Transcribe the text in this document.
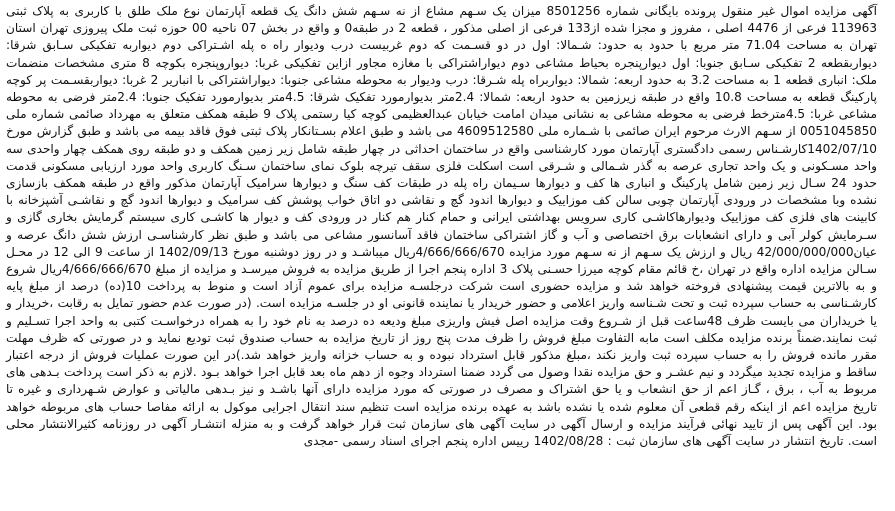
آگهی مزایده اموال غیر منقول پرونده بایگانی شماره 8501256 میزان یک سـهم مشاع از نه سـهم شش دانگ یک قطعه آپارتمان نوع ملک طلق با کاربری به پلاک ثبتی 113963 فرعی از 4476 اصلی ، مفروز و مجزا شده از133 فرعی از اصلی مذکور ، قطعه 2 در طبقه0 و واقع در بخش 07 ناحیه 00 حوزه ثبت ملک پیروزی تهران استان تهران به مساحت 71.04 متر مربع با حدود به حدود: شـمالا: اول در دو قسـمت که دوم غربیست درب ودیوار راه ه پله اشـتراکی دوم دیواربه تفکیکی سـابق شرقا: دیواربقطعه 2 تفکیکی سـابق جنوبا: اول دیوارپنجره بحیاط مشاعی دوم دیواراشتراکی با مغازه مجاور ازاین تفکیکی غربا: دیواروپنجره بکوچه 8 متری مشخصات منضمات ملک: انباری قطعه 1 به مساحت 3.2 به حدود اربعه: شمالا: دیواربراه پله شـرقا: درب ودیوار به محوطه مشاعی جنوبا: دیواراشتراکی با انباریر 2 غربا: دیواربقسـمت پر کوچه پارکینگ قطعه به مساحت 10.8 واقع در طبقه زیرزمین به حدود اربعه: شمالا: 2.4متر بدیوارمورد تفکیک شرقا: 4.5متر بدیوارمورد تفکیک جنوبا: 2.4متر فرضی به محوطه مشاعی غربا: 4.5مترخط فرضی به محوطه مشاعی به نشانی میدان امامت خیابان عبدالعظیمی کوچه کیا رستمی پلاک 9 طبقه همکف متعلق به مهرداد صائمی شماره ملی 0051045850 از سـهم الارث مرحوم ایران صائمی با شـماره ملی 4609512580 می باشد و طبق اعلام بسـتانکار پلاک ثبتی فوق فاقد بیمه می باشد و طبق گزارش مورخ 1402/07/10کارشـناس رسمی دادگستری آپارتمان مورد کارشناسی واقع در ساختمان احداثی در چهار طبقه شامل زیر زمین همکف و دو طبقه روی همکف چهار واحدی سه واحد مسـکونی و یک واحد تجاری عرصه به گذر شـمالی و شـرقی است اسکلت فلزی سقف تیرچه بلوک نمای ساختمان سـنگ کاربری واحد مورد ارزیابی مسکونی قدمت حدود 24 سـال زیر زمین شامل پارکینگ و انباری ها کف و دیوارها سـیمان راه پله در طبقات کف سنگ و دیوارها سرامیک آپارتمان مذکور واقع در طبقه همکف بازسازی نشده وبا مشخصات در ورودی آپارتمان چوبی سالن کف موزاییک و دیوارها اندود گچ و نقاشی دو اتاق خواب پوشش کف سرامیک و دیوارها اندود گچ و نقاشـی آشپزخانه با کابینت های فلزی کف موزاییک ودیوارهاکاشـی کاری سرویس بهداشتی ایرانی و حمام کنار هم کنار در ورودی کف و دیوار ها کاشـی کاری سیستم گرمایش بخاری گازی و سـرمایش کولر آبی و دارای انشعابات برق اختصاصی و آب و گاز اشتراکی ساختمان فاقد آسانسور مشاعی می باشد و طبق نظر کارشناسـی ارزش شش دانگ عرصه و عیان42/000/000/000 ریال و ارزش یک سـهم از نه سـهم مورد مزایده 4/666/666/670ریال میباشـد و در روز دوشنبه مورخ 1402/09/13 از ساعت 9 الی 12 در محـل سـالن مزایده اداره واقع در تهران ،خ قائم مقام کوچه میرزا حسـنی پلاک 3 اداره پنجم اجرا از طریق مزایده به فروش میرسـد و مزایده از مبلغ 4/666/666/670ریال شروع و به بالاترین قیمت پیشنهادی فروخته خواهد شد و مزایده حضوری است شرکت درجلسـه مزایده برای عموم آزاد است و منوط به پرداخت 10(ده) درصد از مبلغ پایه کارشـناسی به حساب سپرده ثبت و تحت شـناسه واریز اعلامی و حضور خریدار یا نماینده قانونی او در جلسـه مزایده است. (در صورت عدم حضور تمایل به رقابت ،خریدار و یا خریداران می بایست ظرف 48ساعت قبل از شـروع وقت مزایده اصل فیش واریزی مبلغ ودیعه ده درصد به نام خود را به همراه درخواسـت کتبی به واحد اجرا تسـلیم و ثبت نمایند.ضمناً برنده مزایده مکلف است مابه التفاوت مبلغ فروش را ظرف مدت پنج روز از تاریخ مزایده به حساب صندوق ثبت تودیع نماید و در صورتی که ظرف مهلت مقرر مانده فروش را به حساب سپرده ثبت واریز نکند ،مبلغ مذکور قابل استرداد نبوده و به حساب خزانه واریز خواهد شد.)در این صورت عملیات فروش از درجه اعتبار ساقط و مزایده تجدید میگردد و نیم عشـر و حق مزایده نقدا وصول می گردد ضمنا استرداد وجوه از دهم ماه بعد قابل اجرا خواهد بـود .لازم به ذکر است پرداخت بـدهی های مربوط به آب ، برق ، گـاز اعم از حق انشعاب و یا حق اشتراک و مصرف در صورتی که مورد مزایده دارای آنها باشـد و نیز بـدهی مالیاتی و عوارض شـهرداری و غیره تا تاریخ مزایده اعم از اینکه رقم قطعی آن معلوم شده یا نشده باشد به عهده برنده مزایده است تنظیم سند انتقال اجرایی موکول به ارائه مفاصا حساب های مربوطه خواهد بود. این آگهی پس از تایید نهائی فرآیند مزایده و ارسال آگهی در سایت آگهی های سازمان ثبت قرار خواهد گرفت و به منزله انتشـار آگهی در روزنامه کثیرالانتشار محلی است. تاریخ انتشار در سایت آگهی های سازمان ثبت : 1402/08/28 رییس اداره پنجم اجرای اسناد رسمی -مجدی
